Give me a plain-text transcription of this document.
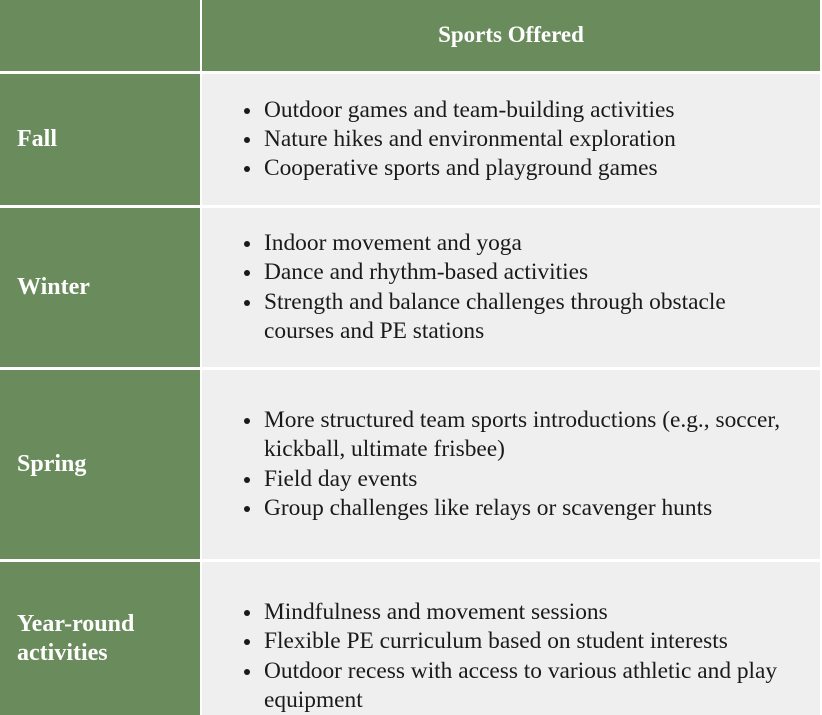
Sports Offered
Fall
Outdoor games and team-building activities
Nature hikes and environmental exploration
Cooperative sports and playground games
Winter
Indoor movement and yoga
Dance and rhythm-based activities
Strength and balance challenges through obstacle courses and PE stations
Spring
More structured team sports introductions (e.g., soccer, kickball, ultimate frisbee)
Field day events
Group challenges like relays or scavenger hunts
Year-round activities
Mindfulness and movement sessions
Flexible PE curriculum based on student interests
Outdoor recess with access to various athletic and play equipment
